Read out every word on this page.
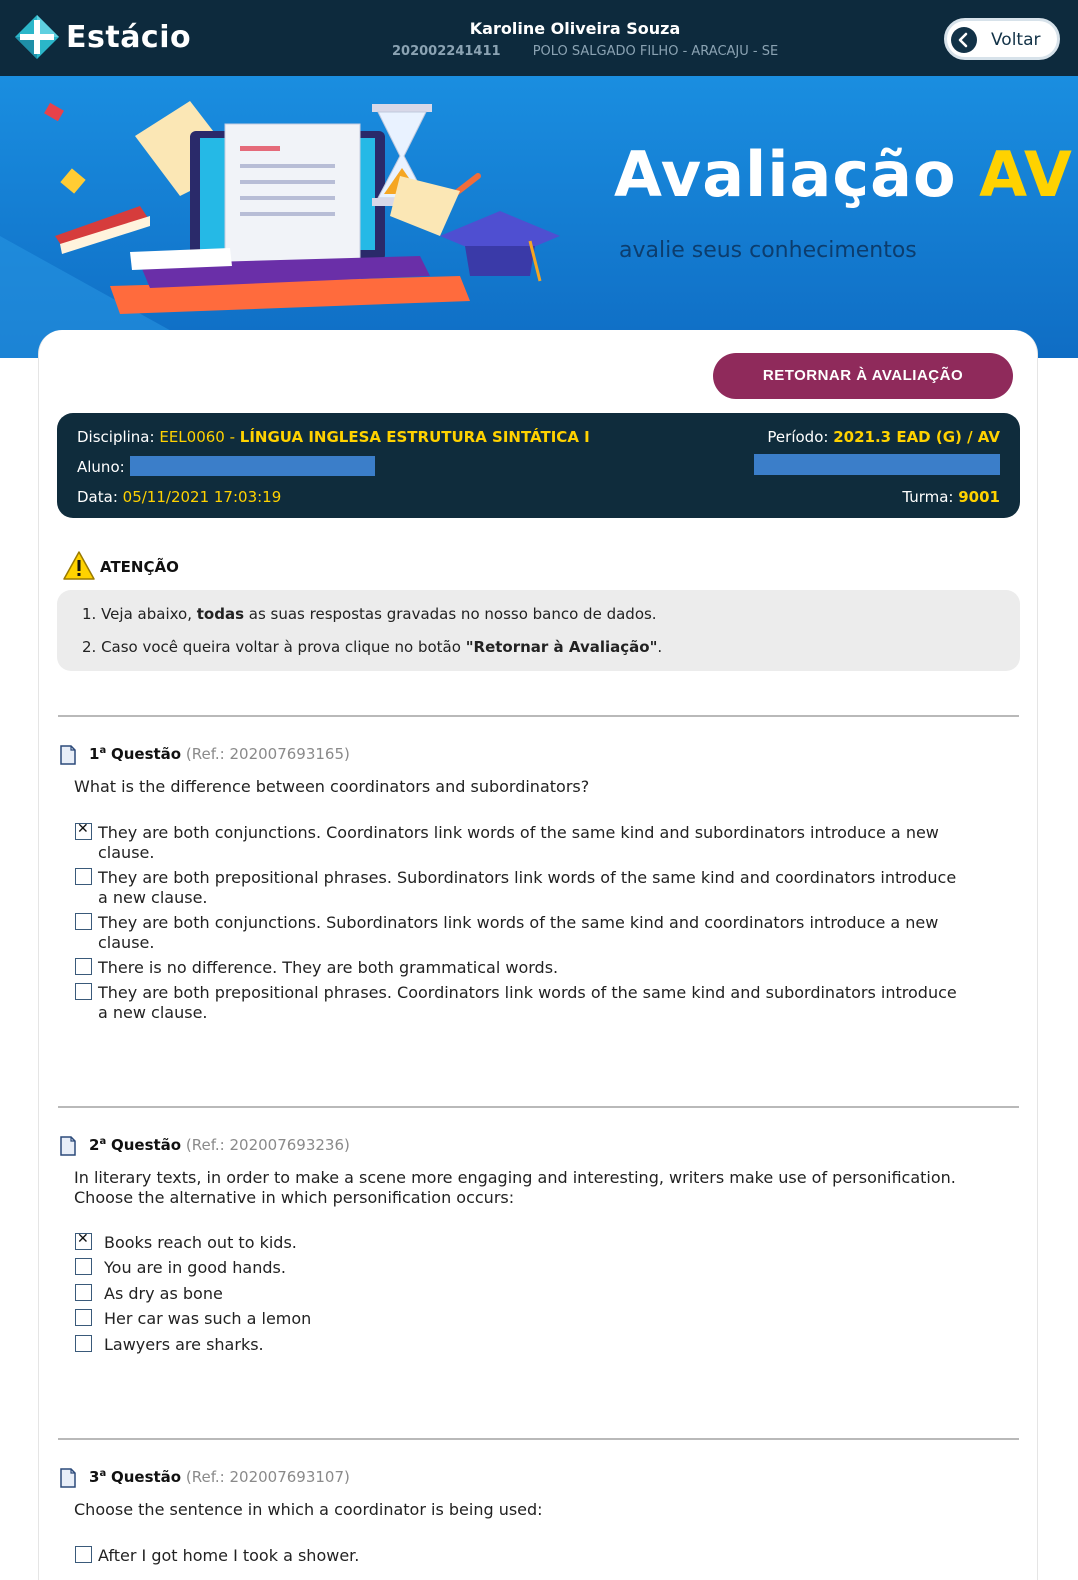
Estácio	Karoline Oliveira Souza
202002241411 POLO SALGADO FILHO - ARACAJU - SE
Voltar
Avaliação AV
avalie seus conhecimentos
RETORNAR À AVALIAÇÃO
Disciplina: EEL0060 - LÍNGUA INGLESA ESTRUTURA SINTÁTICA I	Período: 2021.3 EAD (G) / AV
Aluno:
Data: 05/11/2021 17:03:19	Turma: 9001
ATENÇÃO

1. Veja abaixo, todas as suas respostas gravadas no nosso banco de dados.

2. Caso você queira voltar à prova clique no botão "Retornar à Avaliação".

1$^a$ Questão (Ref.: 202007693165)
What is the difference between coordinators and subordinators?
✕
They are both conjunctions. Coordinators link words of the same kind and subordinators introduce a new
clause.
They are both prepositional phrases. Subordinators link words of the same kind and coordinators introduce
a new clause.
They are both conjunctions. Subordinators link words of the same kind and coordinators introduce a new
clause.
There is no difference. They are both grammatical words.
They are both prepositional phrases. Coordinators link words of the same kind and subordinators introduce
a new clause.
2$^a$ Questão (Ref.: 202007693236)
In literary texts, in order to make a scene more engaging and interesting, writers make use of personification.
Choose the alternative in which personification occurs:
✕
Books reach out to kids.
You are in good hands.
As dry as bone
Her car was such a lemon
Lawyers are sharks.
3$^a$ Questão (Ref.: 202007693107)
Choose the sentence in which a coordinator is being used:
After I got home I took a shower.
